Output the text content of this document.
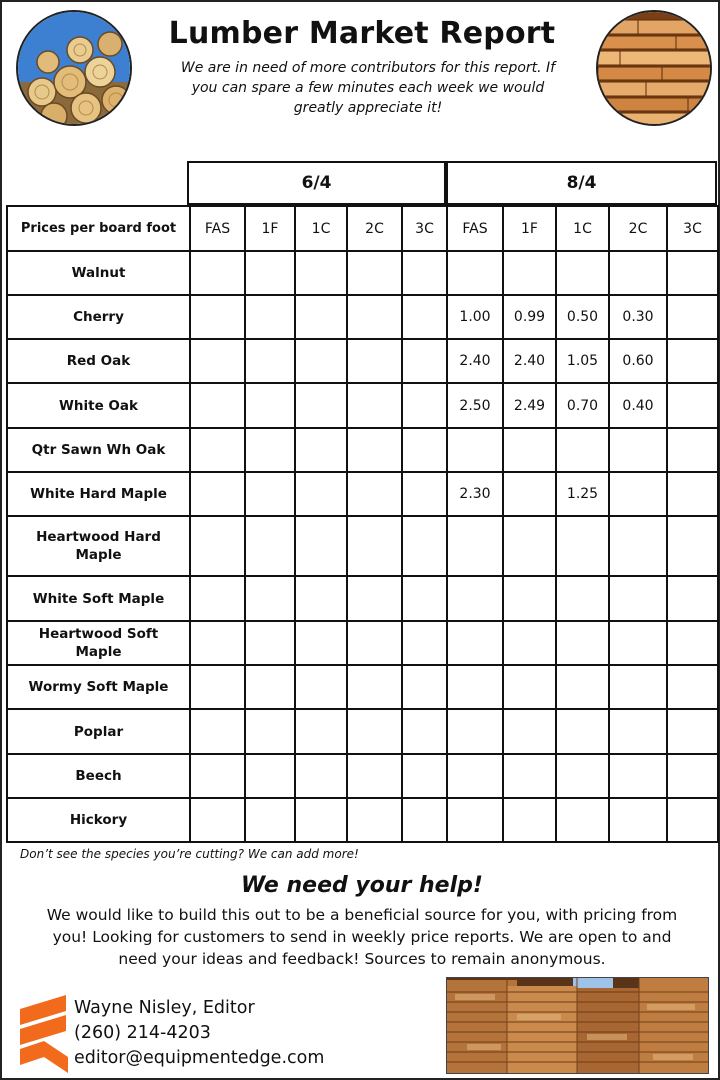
Lumber Market Report
We are in need of more contributors for this report. If you can spare a few minutes each week we would greatly appreciate it!
6/4	8/4
Prices per board foot	FAS	1F	1C	2C	3C	FAS	1F	1C	2C	3C
Walnut										
Cherry						1.00	0.99	0.50	0.30	
Red Oak						2.40	2.40	1.05	0.60	
White Oak						2.50	2.49	0.70	0.40	
Qtr Sawn Wh Oak										
White Hard Maple						2.30		1.25		
Heartwood Hard Maple										
White Soft Maple										
Heartwood Soft Maple										
Wormy Soft Maple										
Poplar										
Beech										
Hickory										
Don’t see the species you’re cutting? We can add more!
We need your help!
We would like to build this out to be a beneficial source for you, with pricing from you! Looking for customers to send in weekly price reports. We are open to and need your ideas and feedback! Sources to remain anonymous.
Wayne Nisley, Editor
(260) 214-4203
editor@equipmentedge.com
